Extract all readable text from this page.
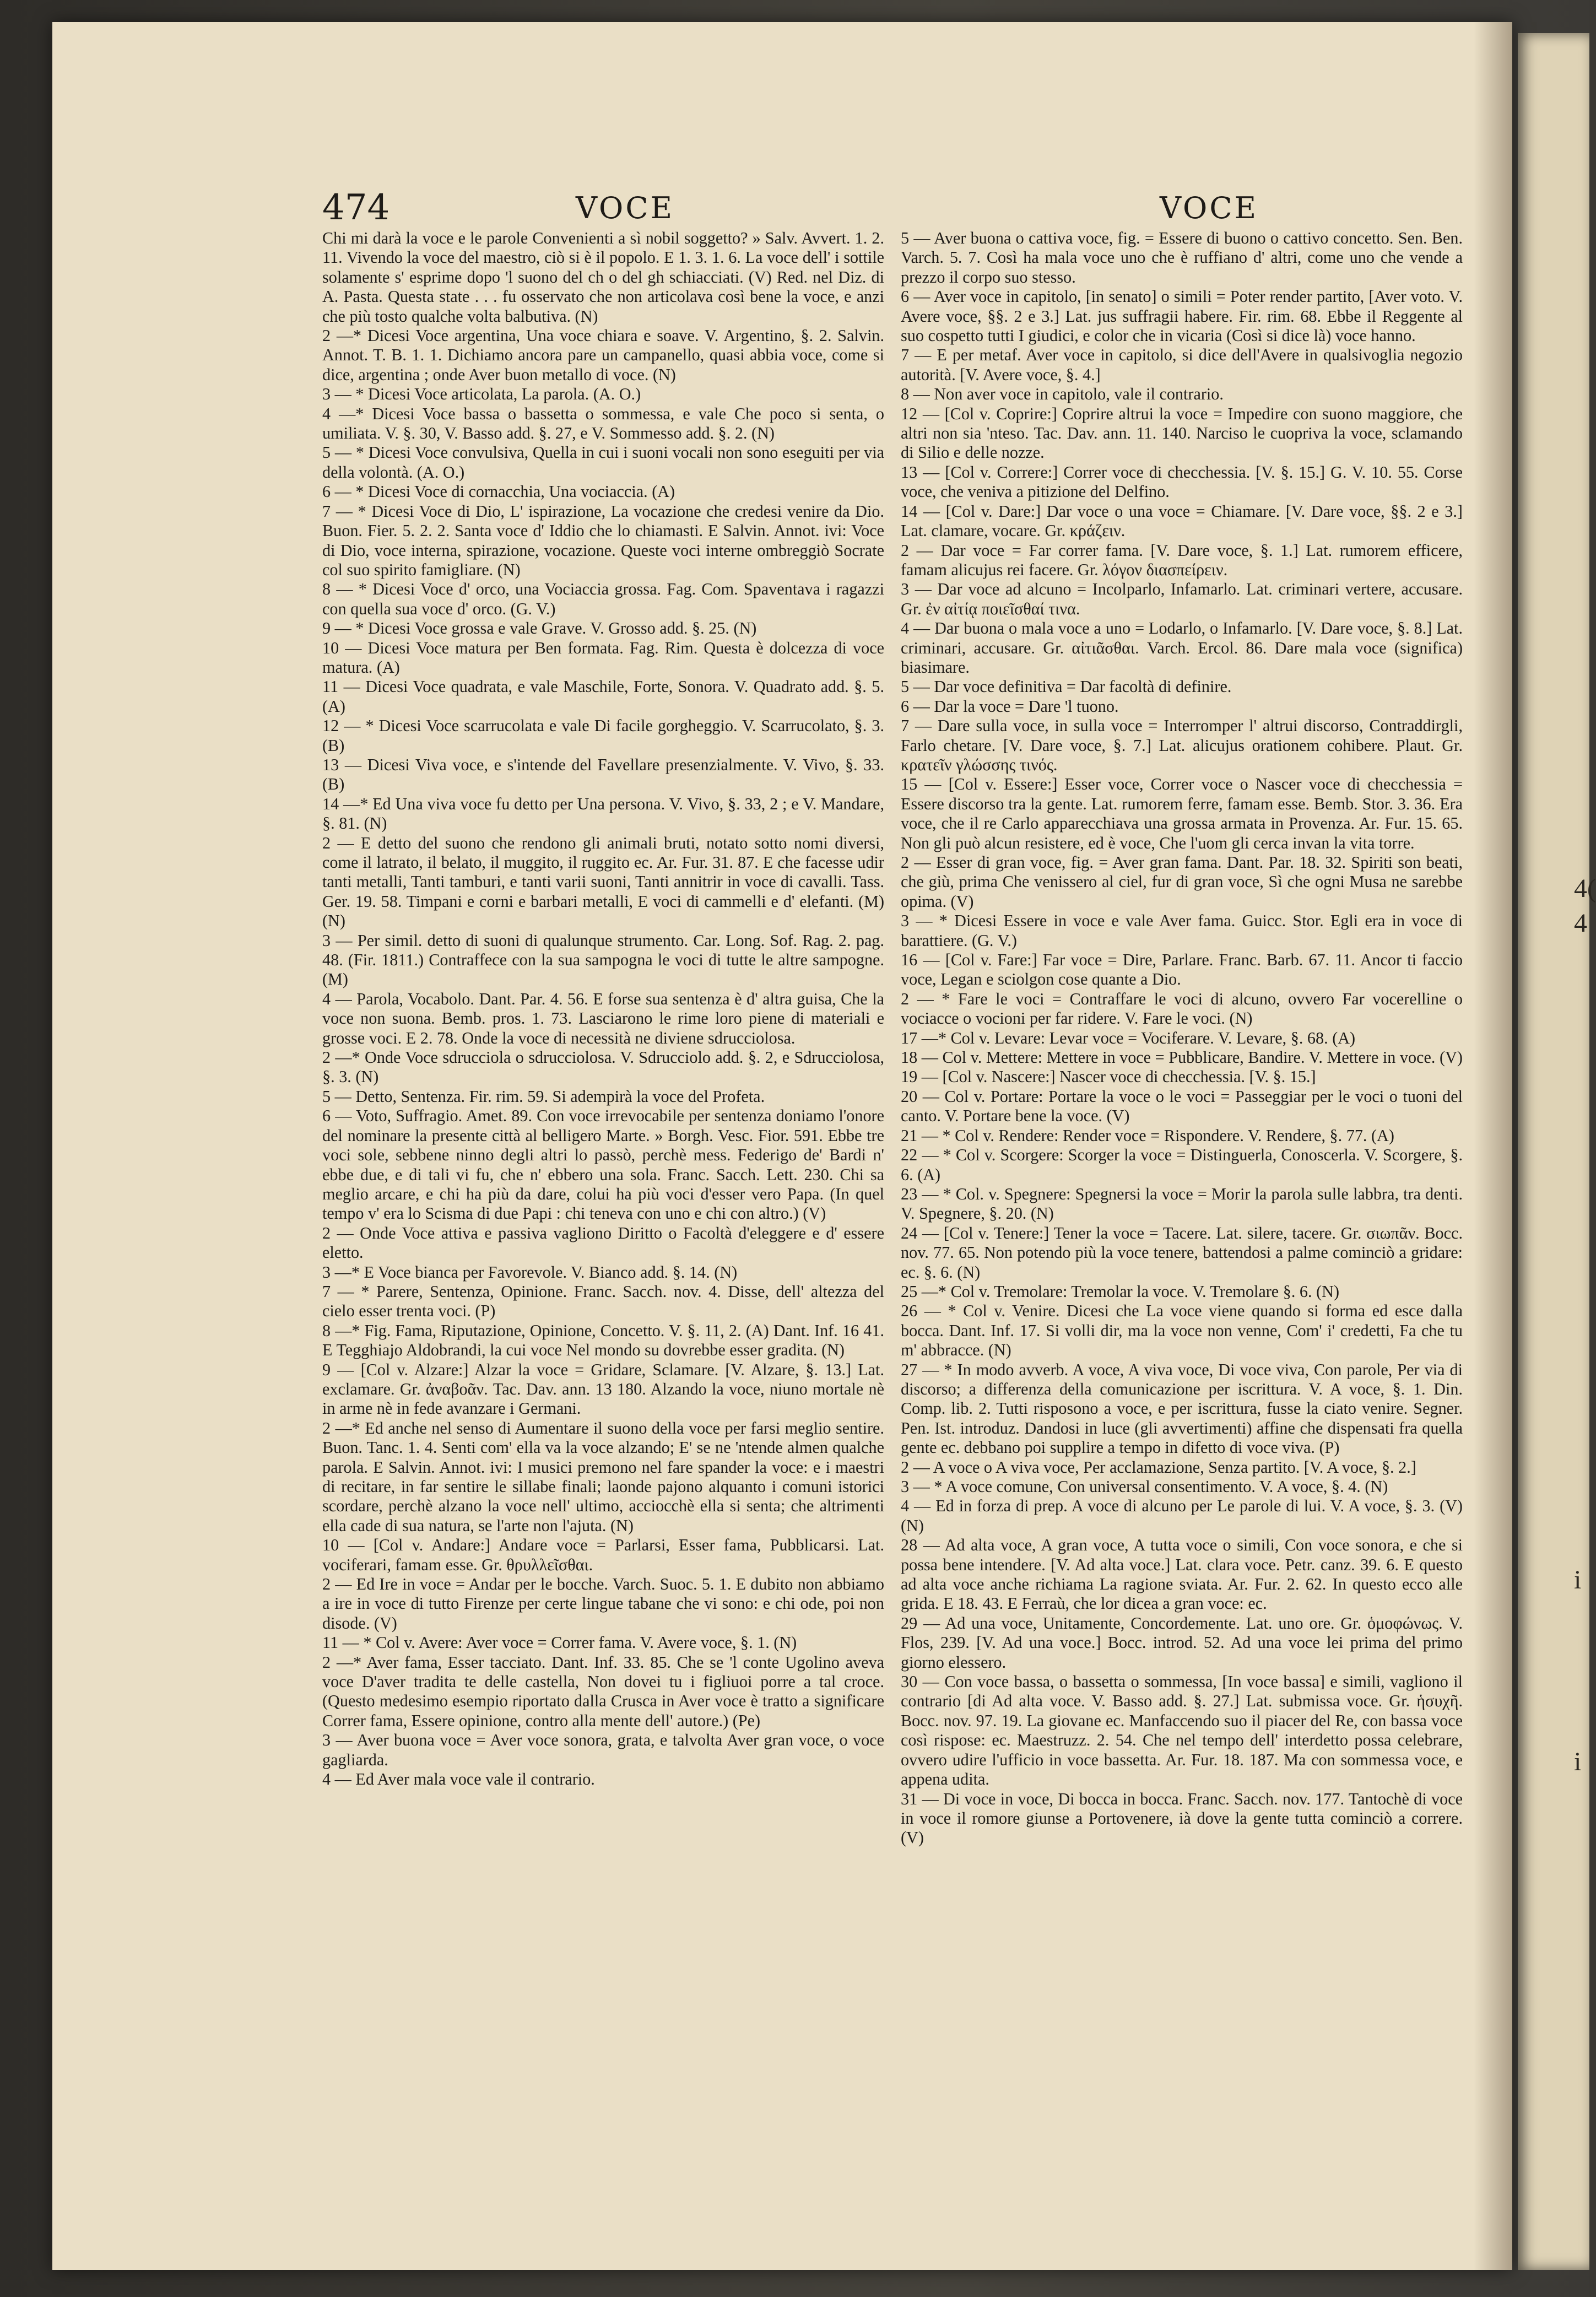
4(
4
i
i
474	VOCE	VOCE

Chi mi darà la voce e le parole Convenienti a sì nobil soggetto? » Salv. Avvert. 1. 2. 11. Vivendo la voce del maestro, ciò si è il popolo. E 1. 3. 1. 6. La voce dell' i sottile solamente s' esprime dopo 'l suono del ch o del gh schiacciati. (V) Red. nel Diz. di A. Pasta. Questa state . . . fu osservato che non articolava così bene la voce, e anzi che più tosto qualche volta balbutiva. (N)

2 —* Dicesi Voce argentina, Una voce chiara e soave. V. Argentino, §. 2. Salvin. Annot. T. B. 1. 1. Dichiamo ancora pare un campanello, quasi abbia voce, come si dice, argentina ; onde Aver buon metallo di voce. (N)

3 — * Dicesi Voce articolata, La parola. (A. O.)

4 —* Dicesi Voce bassa o bassetta o sommessa, e vale Che poco si senta, o umiliata. V. §. 30, V. Basso add. §. 27, e V. Sommesso add. §. 2. (N)

5 — * Dicesi Voce convulsiva, Quella in cui i suoni vocali non sono eseguiti per via della volontà. (A. O.)

6 — * Dicesi Voce di cornacchia, Una vociaccia. (A)

7 — * Dicesi Voce di Dio, L' ispirazione, La vocazione che credesi venire da Dio. Buon. Fier. 5. 2. 2. Santa voce d' Iddio che lo chiamasti. E Salvin. Annot. ivi: Voce di Dio, voce interna, spirazione, vocazione. Queste voci interne ombreggiò Socrate col suo spirito famigliare. (N)

8 — * Dicesi Voce d' orco, una Vociaccia grossa. Fag. Com. Spaventava i ragazzi con quella sua voce d' orco. (G. V.)

9 — * Dicesi Voce grossa e vale Grave. V. Grosso add. §. 25. (N)

10 — Dicesi Voce matura per Ben formata. Fag. Rim. Questa è dolcezza di voce matura. (A)

11 — Dicesi Voce quadrata, e vale Maschile, Forte, Sonora. V. Quadrato add. §. 5. (A)

12 — * Dicesi Voce scarrucolata e vale Di facile gorgheggio. V. Scarrucolato, §. 3. (B)

13 — Dicesi Viva voce, e s'intende del Favellare presenzialmente. V. Vivo, §. 33. (B)

14 —* Ed Una viva voce fu detto per Una persona. V. Vivo, §. 33, 2 ; e V. Mandare, §. 81. (N)

2 — E detto del suono che rendono gli animali bruti, notato sotto nomi diversi, come il latrato, il belato, il muggito, il ruggito ec. Ar. Fur. 31. 87. E che facesse udir tanti metalli, Tanti tamburi, e tanti varii suoni, Tanti annitrir in voce di cavalli. Tass. Ger. 19. 58. Timpani e corni e barbari metalli, E voci di cammelli e d' elefanti. (M) (N)

3 — Per simil. detto di suoni di qualunque strumento. Car. Long. Sof. Rag. 2. pag. 48. (Fir. 1811.) Contraffece con la sua sampogna le voci di tutte le altre sampogne. (M)

4 — Parola, Vocabolo. Dant. Par. 4. 56. E forse sua sentenza è d' altra guisa, Che la voce non suona. Bemb. pros. 1. 73. Lasciarono le rime loro piene di materiali e grosse voci. E 2. 78. Onde la voce di necessità ne diviene sdrucciolosa.

2 —* Onde Voce sdrucciola o sdrucciolosa. V. Sdrucciolo add. §. 2, e Sdrucciolosa, §. 3. (N)

5 — Detto, Sentenza. Fir. rim. 59. Si adempirà la voce del Profeta.

6 — Voto, Suffragio. Amet. 89. Con voce irrevocabile per sentenza doniamo l'onore del nominare la presente città al belligero Marte. » Borgh. Vesc. Fior. 591. Ebbe tre voci sole, sebbene ninno degli altri lo passò, perchè mess. Federigo de' Bardi n' ebbe due, e di tali vi fu, che n' ebbero una sola. Franc. Sacch. Lett. 230. Chi sa meglio arcare, e chi ha più da dare, colui ha più voci d'esser vero Papa. (In quel tempo v' era lo Scisma di due Papi : chi teneva con uno e chi con altro.) (V)

2 — Onde Voce attiva e passiva vagliono Diritto o Facoltà d'eleggere e d' essere eletto.

3 —* E Voce bianca per Favorevole. V. Bianco add. §. 14. (N)

7 — * Parere, Sentenza, Opinione. Franc. Sacch. nov. 4. Disse, dell' altezza del cielo esser trenta voci. (P)

8 —* Fig. Fama, Riputazione, Opinione, Concetto. V. §. 11, 2. (A) Dant. Inf. 16 41. E Tegghiajo Aldobrandi, la cui voce Nel mondo su dovrebbe esser gradita. (N)

9 — [Col v. Alzare:] Alzar la voce = Gridare, Sclamare. [V. Alzare, §. 13.] Lat. exclamare. Gr. ἀναβοᾶν. Tac. Dav. ann. 13 180. Alzando la voce, niuno mortale nè in arme nè in fede avanzare i Germani.

2 —* Ed anche nel senso di Aumentare il suono della voce per farsi meglio sentire. Buon. Tanc. 1. 4. Senti com' ella va la voce alzando; E' se ne 'ntende almen qualche parola. E Salvin. Annot. ivi: I musici premono nel fare spander la voce: e i maestri di recitare, in far sentire le sillabe finali; laonde pajono alquanto i comuni istorici scordare, perchè alzano la voce nell' ultimo, acciocchè ella si senta; che altrimenti ella cade di sua natura, se l'arte non l'ajuta. (N)

10 — [Col v. Andare:] Andare voce = Parlarsi, Esser fama, Pubblicarsi. Lat. vociferari, famam esse. Gr. θρυλλεῖσθαι.

2 — Ed Ire in voce = Andar per le bocche. Varch. Suoc. 5. 1. E dubito non abbiamo a ire in voce di tutto Firenze per certe lingue tabane che vi sono: e chi ode, poi non disode. (V)

11 — * Col v. Avere: Aver voce = Correr fama. V. Avere voce, §. 1. (N)

2 —* Aver fama, Esser tacciato. Dant. Inf. 33. 85. Che se 'l conte Ugolino aveva voce D'aver tradita te delle castella, Non dovei tu i figliuoi porre a tal croce. (Questo medesimo esempio riportato dalla Crusca in Aver voce è tratto a significare Correr fama, Essere opinione, contro alla mente dell' autore.) (Pe)

3 — Aver buona voce = Aver voce sonora, grata, e talvolta Aver gran voce, o voce gagliarda.

4 — Ed Aver mala voce vale il contrario.

5 — Aver buona o cattiva voce, fig. = Essere di buono o cattivo concetto. Sen. Ben. Varch. 5. 7. Così ha mala voce uno che è ruffiano d' altri, come uno che vende a prezzo il corpo suo stesso.

6 — Aver voce in capitolo, [in senato] o simili = Poter render partito, [Aver voto. V. Avere voce, §§. 2 e 3.] Lat. jus suffragii habere. Fir. rim. 68. Ebbe il Reggente al suo cospetto tutti I giudici, e color che in vicaria (Così si dice là) voce hanno.

7 — E per metaf. Aver voce in capitolo, si dice dell'Avere in qualsivoglia negozio autorità. [V. Avere voce, §. 4.]

8 — Non aver voce in capitolo, vale il contrario.

12 — [Col v. Coprire:] Coprire altrui la voce = Impedire con suono maggiore, che altri non sia 'nteso. Tac. Dav. ann. 11. 140. Narciso le cuopriva la voce, sclamando di Silio e delle nozze.

13 — [Col v. Correre:] Correr voce di checchessia. [V. §. 15.] G. V. 10. 55. Corse voce, che veniva a pitizione del Delfino.

14 — [Col v. Dare:] Dar voce o una voce = Chiamare. [V. Dare voce, §§. 2 e 3.] Lat. clamare, vocare. Gr. κράζειν.

2 — Dar voce = Far correr fama. [V. Dare voce, §. 1.] Lat. rumorem efficere, famam alicujus rei facere. Gr. λόγον διασπείρειν.

3 — Dar voce ad alcuno = Incolparlo, Infamarlo. Lat. criminari vertere, accusare. Gr. ἐν αἰτίᾳ ποιεῖσθαί τινα.

4 — Dar buona o mala voce a uno = Lodarlo, o Infamarlo. [V. Dare voce, §. 8.] Lat. criminari, accusare. Gr. αἰτιᾶσθαι. Varch. Ercol. 86. Dare mala voce (significa) biasimare.

5 — Dar voce definitiva = Dar facoltà di definire.

6 — Dar la voce = Dare 'l tuono.

7 — Dare sulla voce, in sulla voce = Interromper l' altrui discorso, Contraddirgli, Farlo chetare. [V. Dare voce, §. 7.] Lat. alicujus orationem cohibere. Plaut. Gr. κρατεῖν γλώσσης τινός.

15 — [Col v. Essere:] Esser voce, Correr voce o Nascer voce di checchessia = Essere discorso tra la gente. Lat. rumorem ferre, famam esse. Bemb. Stor. 3. 36. Era voce, che il re Carlo apparecchiava una grossa armata in Provenza. Ar. Fur. 15. 65. Non gli può alcun resistere, ed è voce, Che l'uom gli cerca invan la vita torre.

2 — Esser di gran voce, fig. = Aver gran fama. Dant. Par. 18. 32. Spiriti son beati, che giù, prima Che venissero al ciel, fur di gran voce, Sì che ogni Musa ne sarebbe opima. (V)

3 — * Dicesi Essere in voce e vale Aver fama. Guicc. Stor. Egli era in voce di barattiere. (G. V.)

16 — [Col v. Fare:] Far voce = Dire, Parlare. Franc. Barb. 67. 11. Ancor ti faccio voce, Legan e sciolgon cose quante a Dio.

2 — * Fare le voci = Contraffare le voci di alcuno, ovvero Far vocerelline o vociacce o vocioni per far ridere. V. Fare le voci. (N)

17 —* Col v. Levare: Levar voce = Vociferare. V. Levare, §. 68. (A)

18 — Col v. Mettere: Mettere in voce = Pubblicare, Bandire. V. Mettere in voce. (V)

19 — [Col v. Nascere:] Nascer voce di checchessia. [V. §. 15.]

20 — Col v. Portare: Portare la voce o le voci = Passeggiar per le voci o tuoni del canto. V. Portare bene la voce. (V)

21 — * Col v. Rendere: Render voce = Rispondere. V. Rendere, §. 77. (A)

22 — * Col v. Scorgere: Scorger la voce = Distinguerla, Conoscerla. V. Scorgere, §. 6. (A)

23 — * Col. v. Spegnere: Spegnersi la voce = Morir la parola sulle labbra, tra denti. V. Spegnere, §. 20. (N)

24 — [Col v. Tenere:] Tener la voce = Tacere. Lat. silere, tacere. Gr. σιωπᾶν. Bocc. nov. 77. 65. Non potendo più la voce tenere, battendosi a palme cominciò a gridare: ec. §. 6. (N)

25 —* Col v. Tremolare: Tremolar la voce. V. Tremolare §. 6. (N)

26 — * Col v. Venire. Dicesi che La voce viene quando si forma ed esce dalla bocca. Dant. Inf. 17. Si volli dir, ma la voce non venne, Com' i' credetti, Fa che tu m' abbracce. (N)

27 — * In modo avverb. A voce, A viva voce, Di voce viva, Con parole, Per via di discorso; a differenza della comunicazione per iscrittura. V. A voce, §. 1. Din. Comp. lib. 2. Tutti risposono a voce, e per iscrittura, fusse la ciato venire. Segner. Pen. Ist. introduz. Dandosi in luce (gli avvertimenti) affine che dispensati fra quella gente ec. debbano poi supplire a tempo in difetto di voce viva. (P)

2 — A voce o A viva voce, Per acclamazione, Senza partito. [V. A voce, §. 2.]

3 — * A voce comune, Con universal consentimento. V. A voce, §. 4. (N)

4 — Ed in forza di prep. A voce di alcuno per Le parole di lui. V. A voce, §. 3. (V) (N)

28 — Ad alta voce, A gran voce, A tutta voce o simili, Con voce sonora, e che si possa bene intendere. [V. Ad alta voce.] Lat. clara voce. Petr. canz. 39. 6. E questo ad alta voce anche richiama La ragione sviata. Ar. Fur. 2. 62. In questo ecco alle grida. E 18. 43. E Ferraù, che lor dicea a gran voce: ec.

29 — Ad una voce, Unitamente, Concordemente. Lat. uno ore. Gr. ὁμοφώνως. V. Flos, 239. [V. Ad una voce.] Bocc. introd. 52. Ad una voce lei prima del primo giorno elessero.

30 — Con voce bassa, o bassetta o sommessa, [In voce bassa] e simili, vagliono il contrario [di Ad alta voce. V. Basso add. §. 27.] Lat. submissa voce. Gr. ἡσυχῆ. Bocc. nov. 97. 19. La giovane ec. Manfaccendo suo il piacer del Re, con bassa voce così rispose: ec. Maestruzz. 2. 54. Che nel tempo dell' interdetto possa celebrare, ovvero udire l'ufficio in voce bassetta. Ar. Fur. 18. 187. Ma con sommessa voce, e appena udita.

31 — Di voce in voce, Di bocca in bocca. Franc. Sacch. nov. 177. Tantochè di voce in voce il romore giunse a Portovenere, ià dove la gente tutta cominciò a correre. (V)
